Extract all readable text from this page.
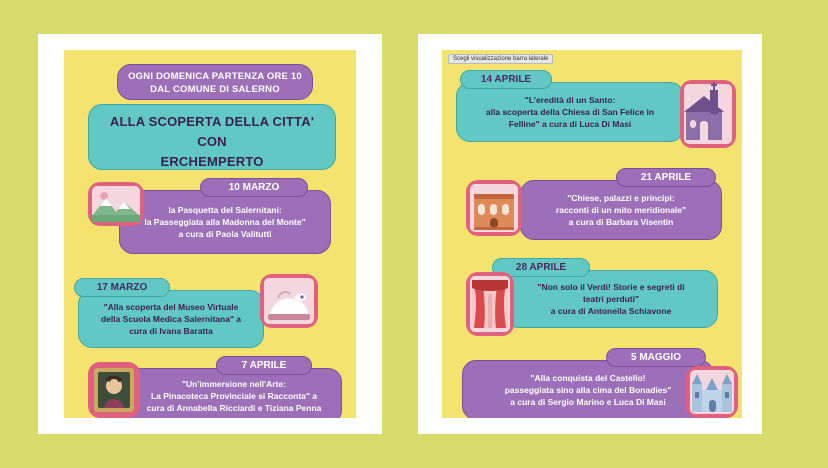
OGNI DOMENICA PARTENZA ORE 10
DAL COMUNE DI SALERNO
ALLA SCOPERTA DELLA CITTA'
CON
ERCHEMPERTO
10 MARZO
la Pasquetta del Salernitani:
la Passeggiata alla Madonna del Monte"
a cura di Paola Valitutti
17 MARZO
"Alla scoperta del Museo Virtuale
della Scuola Medica Salernitana" a
cura di Ivana Baratta
7 APRILE
"Un'immersione nell'Arte:
La Pinacoteca Provinciale si Racconta" a
cura di Annabella Ricciardi e Tiziana Penna
Scegli visualizzazione barra laterale
14 APRILE
"L'eredità di un Santo:
alla scoperta della Chiesa di San Felice in
Felline" a cura di Luca Di Masi
21 APRILE
"Chiese, palazzi e principi:
racconti di un mito meridionale"
a cura di Barbara Visentin
28 APRILE
"Non solo il Verdi! Storie e segreti di
teatri perduti"
a cura di Antonella Schiavone
5 MAGGIO
"Alla conquista del Castello!
passeggiata sino alla cima del Bonadies"
a cura di Sergio Marino e Luca Di Masi
